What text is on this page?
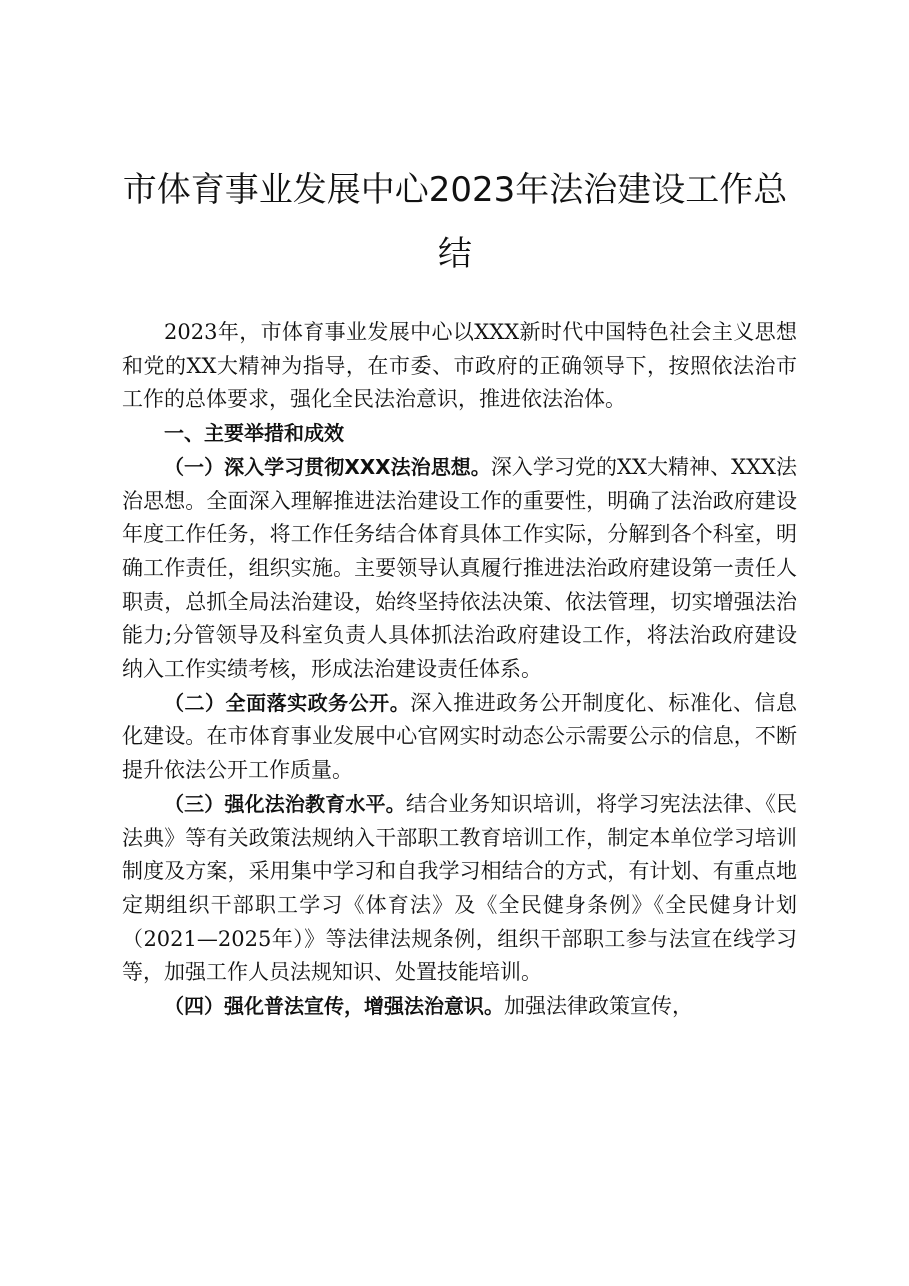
市体育事业发展中心2023年法治建设工作总结

2023年，市体育事业发展中心以XXX新时代中国特色社会主义思想和党的XX大精神为指导，在市委、市政府的正确领导下，按照依法治市工作的总体要求，强化全民法治意识，推进依法治体。

一、主要举措和成效

（一）深入学习贯彻XXX法治思想。深入学习党的XX大精神、XXX法治思想。全面深入理解推进法治建设工作的重要性，明确了法治政府建设年度工作任务，将工作任务结合体育具体工作实际，分解到各个科室，明确工作责任，组织实施。主要领导认真履行推进法治政府建设第一责任人职责，总抓全局法治建设，始终坚持依法决策、依法管理，切实增强法治能力;分管领导及科室负责人具体抓法治政府建设工作，将法治政府建设纳入工作实绩考核，形成法治建设责任体系。

（二）全面落实政务公开。深入推进政务公开制度化、标准化、信息化建设。在市体育事业发展中心官网实时动态公示需要公示的信息，不断提升依法公开工作质量。

（三）强化法治教育水平。结合业务知识培训，将学习宪法法律、《民法典》等有关政策法规纳入干部职工教育培训工作，制定本单位学习培训制度及方案，采用集中学习和自我学习相结合的方式，有计划、有重点地定期组织干部职工学习《体育法》及《全民健身条例》《全民健身计划（2021—2025年）》等法律法规条例，组织干部职工参与法宣在线学习等，加强工作人员法规知识、处置技能培训。

（四）强化普法宣传，增强法治意识。加强法律政策宣传，
